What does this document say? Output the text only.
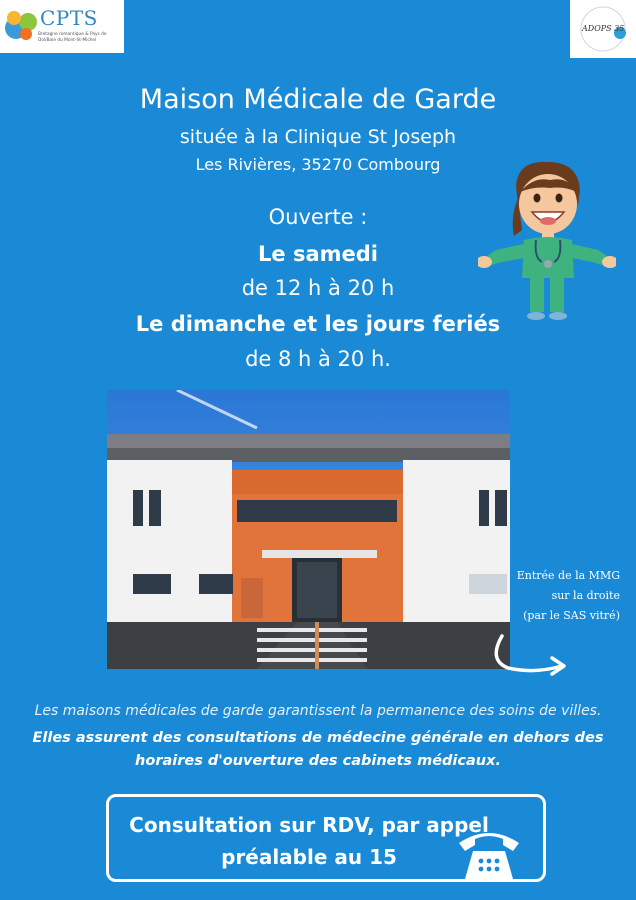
CPTS
Bretagne romantique & Pays de Dol/Baie du Mont-St-Michel
ADOPS 35
Maison Médicale de Garde
située à la Clinique St Joseph
Les Rivières, 35270 Combourg
Ouverte :
Le samedi
de 12 h à 20 h
Le dimanche et les jours feriés
de 8 h à 20 h.
Entrée de la MMG
sur la droite
(par le SAS vitré)
Les maisons médicales de garde garantissent la permanence des soins de villes.
Elles assurent des consultations de médecine générale en dehors des
horaires d'ouverture des cabinets médicaux.
Consultation sur RDV, par appel
préalable au 15
